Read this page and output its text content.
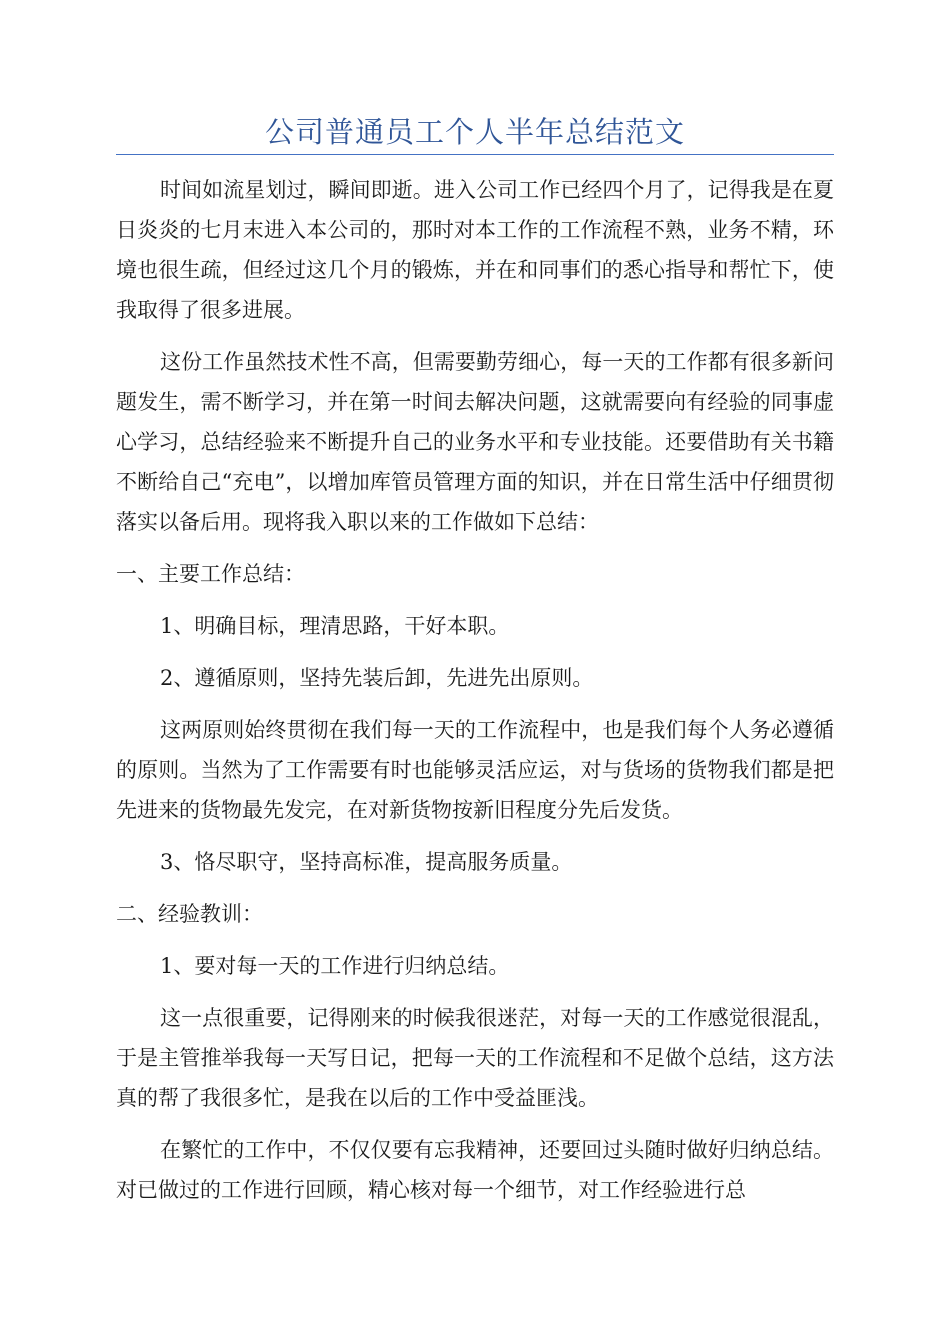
公司普通员工个人半年总结范文

时间如流星划过，瞬间即逝。进入公司工作已经四个月了，记得我是在夏日炎炎的七月末进入本公司的，那时对本工作的工作流程不熟，业务不精，环境也很生疏，但经过这几个月的锻炼，并在和同事们的悉心指导和帮忙下，使我取得了很多进展。

这份工作虽然技术性不高，但需要勤劳细心，每一天的工作都有很多新问题发生，需不断学习，并在第一时间去解决问题，这就需要向有经验的同事虚心学习，总结经验来不断提升自己的业务水平和专业技能。还要借助有关书籍不断给自己“充电”，以增加库管员管理方面的知识，并在日常生活中仔细贯彻落实以备后用。现将我入职以来的工作做如下总结：

一、主要工作总结：

1、明确目标，理清思路，干好本职。

2、遵循原则，坚持先装后卸，先进先出原则。

这两原则始终贯彻在我们每一天的工作流程中，也是我们每个人务必遵循的原则。当然为了工作需要有时也能够灵活应运，对与货场的货物我们都是把先进来的货物最先发完，在对新货物按新旧程度分先后发货。

3、恪尽职守，坚持高标准，提高服务质量。

二、经验教训：

1、要对每一天的工作进行归纳总结。

这一点很重要，记得刚来的时候我很迷茫，对每一天的工作感觉很混乱，于是主管推举我每一天写日记，把每一天的工作流程和不足做个总结，这方法真的帮了我很多忙，是我在以后的工作中受益匪浅。

在繁忙的工作中，不仅仅要有忘我精神，还要回过头随时做好归纳总结。对已做过的工作进行回顾，精心核对每一个细节，对工作经验进行总
